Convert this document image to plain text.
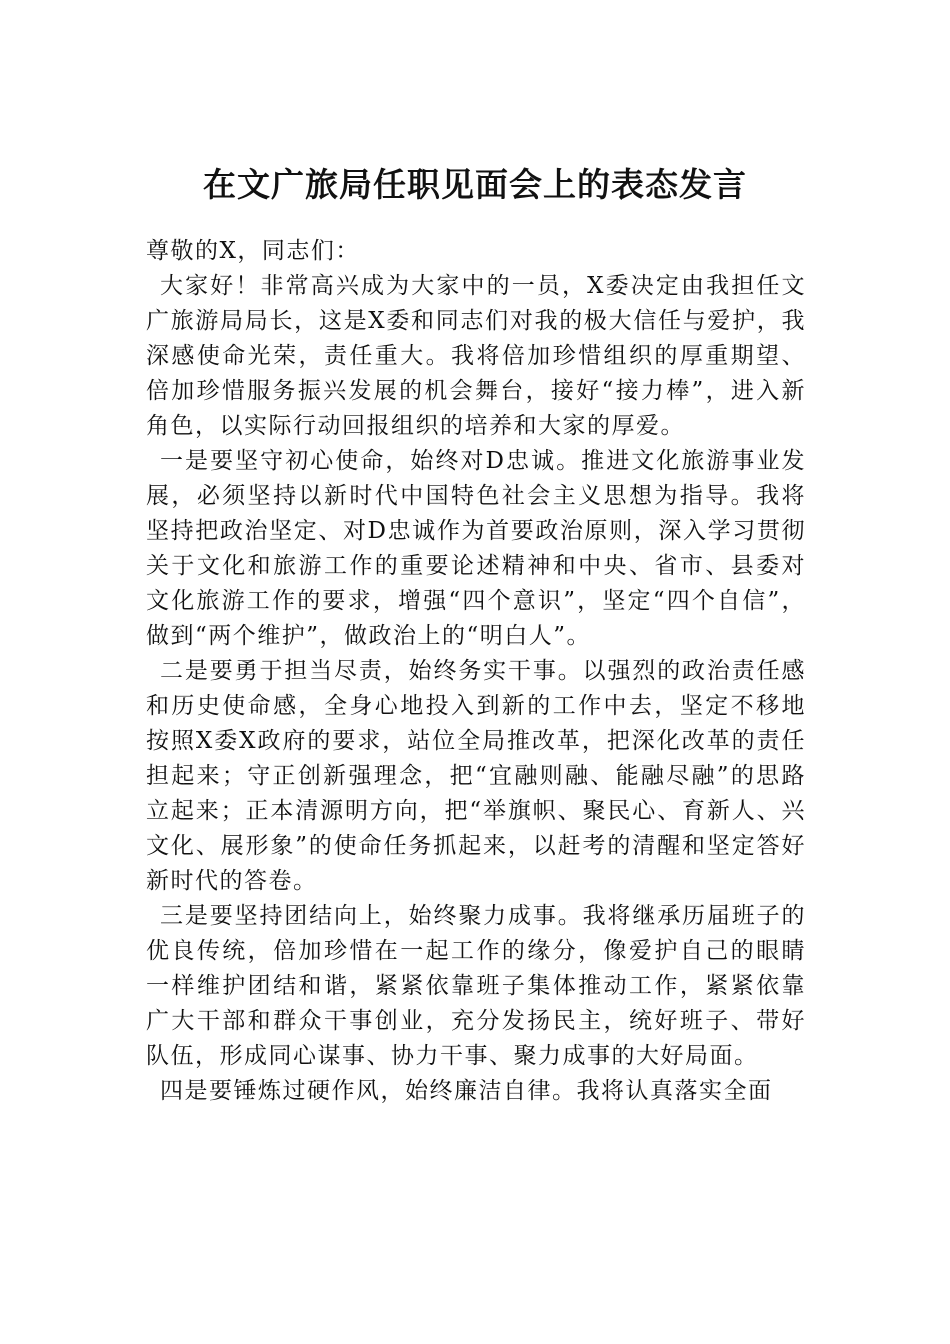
在文广旅局任职见面会上的表态发言

尊敬的X，同志们：

大家好！非常高兴成为大家中的一员，X委决定由我担任文广旅游局局长，这是X委和同志们对我的极大信任与爱护，我深感使命光荣，责任重大。我将倍加珍惜组织的厚重期望、倍加珍惜服务振兴发展的机会舞台，接好“接力棒”，进入新角色，以实际行动回报组织的培养和大家的厚爱。

一是要坚守初心使命，始终对D忠诚。推进文化旅游事业发展，必须坚持以新时代中国特色社会主义思想为指导。我将坚持把政治坚定、对D忠诚作为首要政治原则，深入学习贯彻关于文化和旅游工作的重要论述精神和中央、省市、县委对文化旅游工作的要求，增强“四个意识”，坚定“四个自信”，做到“两个维护”，做政治上的“明白人”。

二是要勇于担当尽责，始终务实干事。以强烈的政治责任感和历史使命感，全身心地投入到新的工作中去，坚定不移地按照X委X政府的要求，站位全局推改革，把深化改革的责任担起来；守正创新强理念，把“宜融则融、能融尽融”的思路立起来；正本清源明方向，把“举旗帜、聚民心、育新人、兴文化、展形象”的使命任务抓起来，以赶考的清醒和坚定答好新时代的答卷。

三是要坚持团结向上，始终聚力成事。我将继承历届班子的优良传统，倍加珍惜在一起工作的缘分，像爱护自己的眼睛一样维护团结和谐，紧紧依靠班子集体推动工作，紧紧依靠广大干部和群众干事创业，充分发扬民主，统好班子、带好队伍，形成同心谋事、协力干事、聚力成事的大好局面。

四是要锤炼过硬作风，始终廉洁自律。我将认真落实全面
